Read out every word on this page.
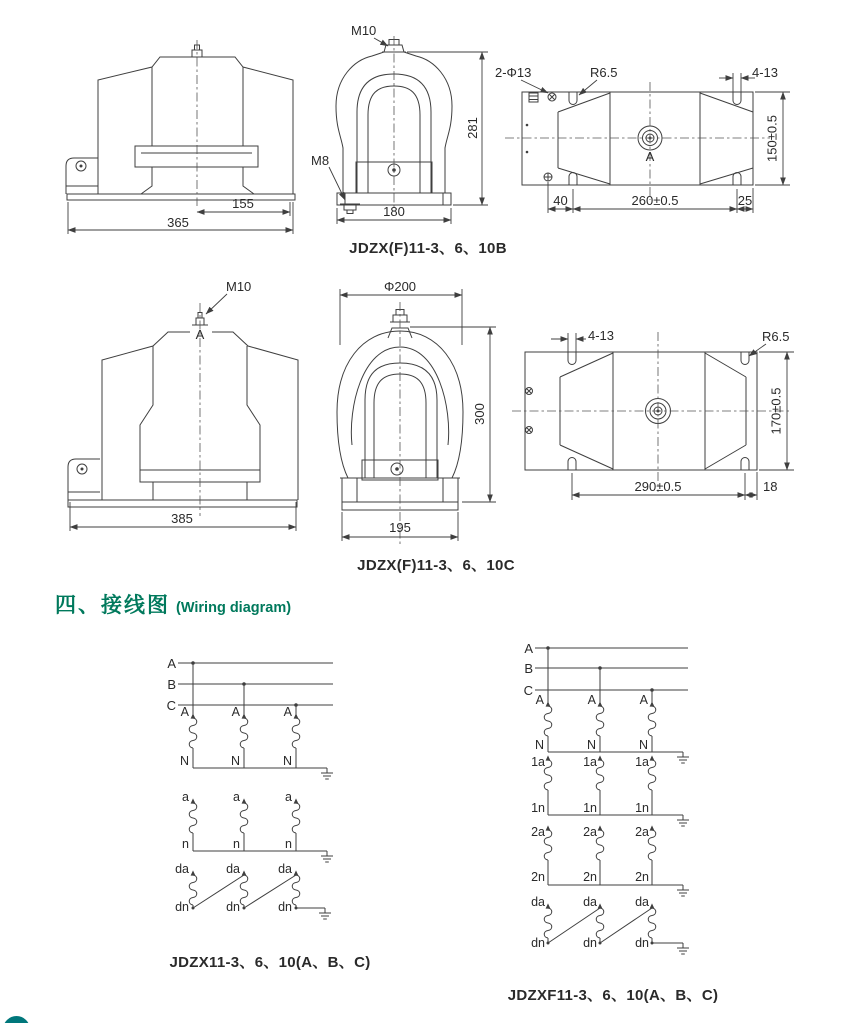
155
365
M10
M8
180
281
2-Φ13	R6.5	4-13
150±0.5
A
40	260±0.5	25
JDZX(F)11-3、6、10B
A
M10
385
Φ200
300
195
4-13	R6.5
170±0.5
290±0.5	18
JDZX(F)11-3、6、10C
A
B
C A	A	A
N	N	N
a	a	a
n	n	n
da	da	da
dn	dn	dn
JDZX11-3、6、10(A、B、C)
A
B
C
A	A	A
N	N	N
1a	1a	1a
1n	1n	1n
2a	2a	2a
2n	2n	2n
da	da	da
dn	dn	dn
JDZXF11-3、6、10(A、B、C)
四、接线图 (Wiring diagram)
